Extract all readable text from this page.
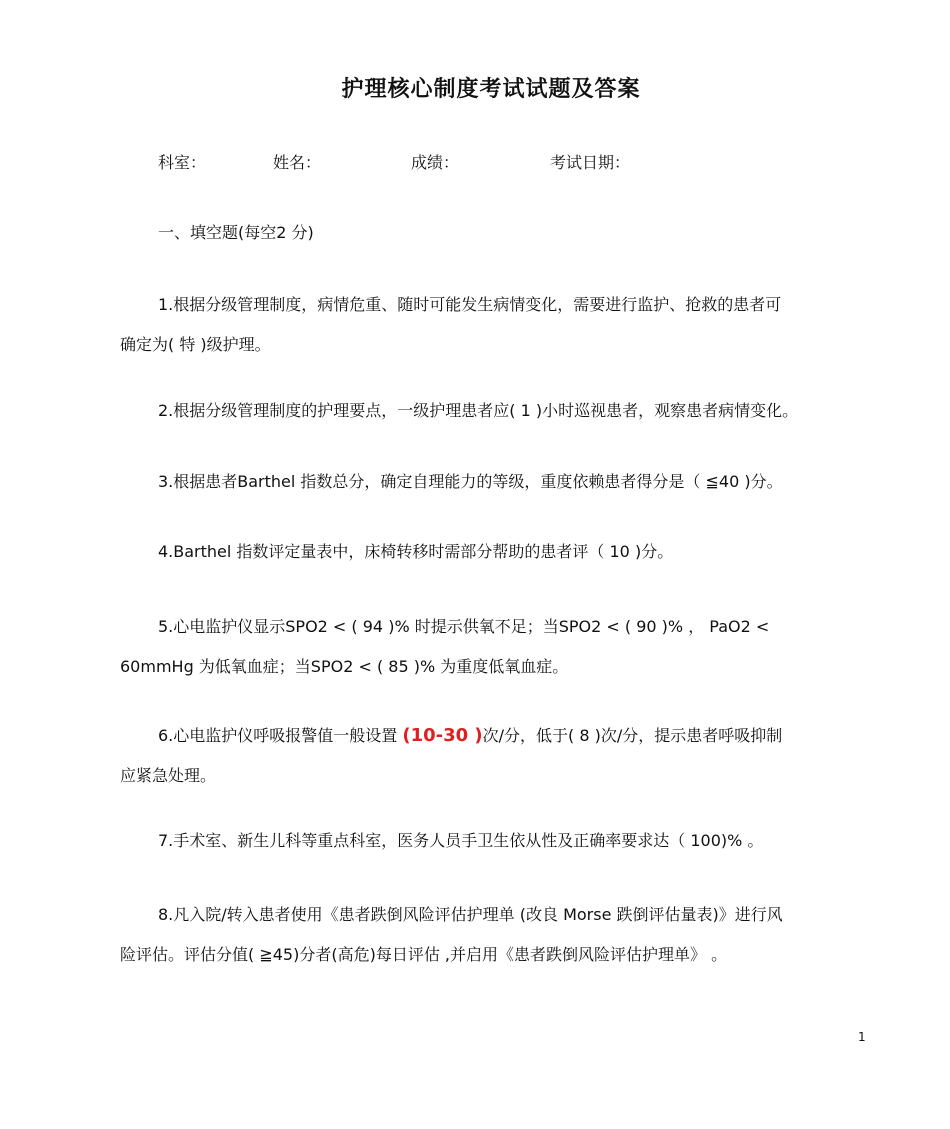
护理核心制度考试试题及答案
科室：	姓名：	成绩：	考试日期：
一、填空题(每空2 分)
1.根据分级管理制度，病情危重、随时可能发生病情变化，需要进行监护、抢救的患者可
确定为( 特 )级护理。
2.根据分级管理制度的护理要点，一级护理患者应( 1 )小时巡视患者，观察患者病情变化。
3.根据患者Barthel 指数总分，确定自理能力的等级，重度依赖患者得分是（ ≦40 )分。
4.Barthel 指数评定量表中，床椅转移时需部分帮助的患者评（ 10 )分。
5.心电监护仪显示SPO2 < ( 94 )% 时提示供氧不足；当SPO2 < ( 90 )% ， PaO2 <
60mmHg 为低氧血症；当SPO2 < ( 85 )% 为重度低氧血症。
6.心电监护仪呼吸报警值一般设置 (10-30 )次/分，低于( 8 )次/分，提示患者呼吸抑制
应紧急处理。
7.手术室、新生儿科等重点科室，医务人员手卫生依从性及正确率要求达（ 100)% 。
8.凡入院/转入患者使用《患者跌倒风险评估护理单 (改良 Morse 跌倒评估量表)》进行风
险评估。评估分值( ≧45)分者(高危)每日评估 ,并启用《患者跌倒风险评估护理单》 。
1
